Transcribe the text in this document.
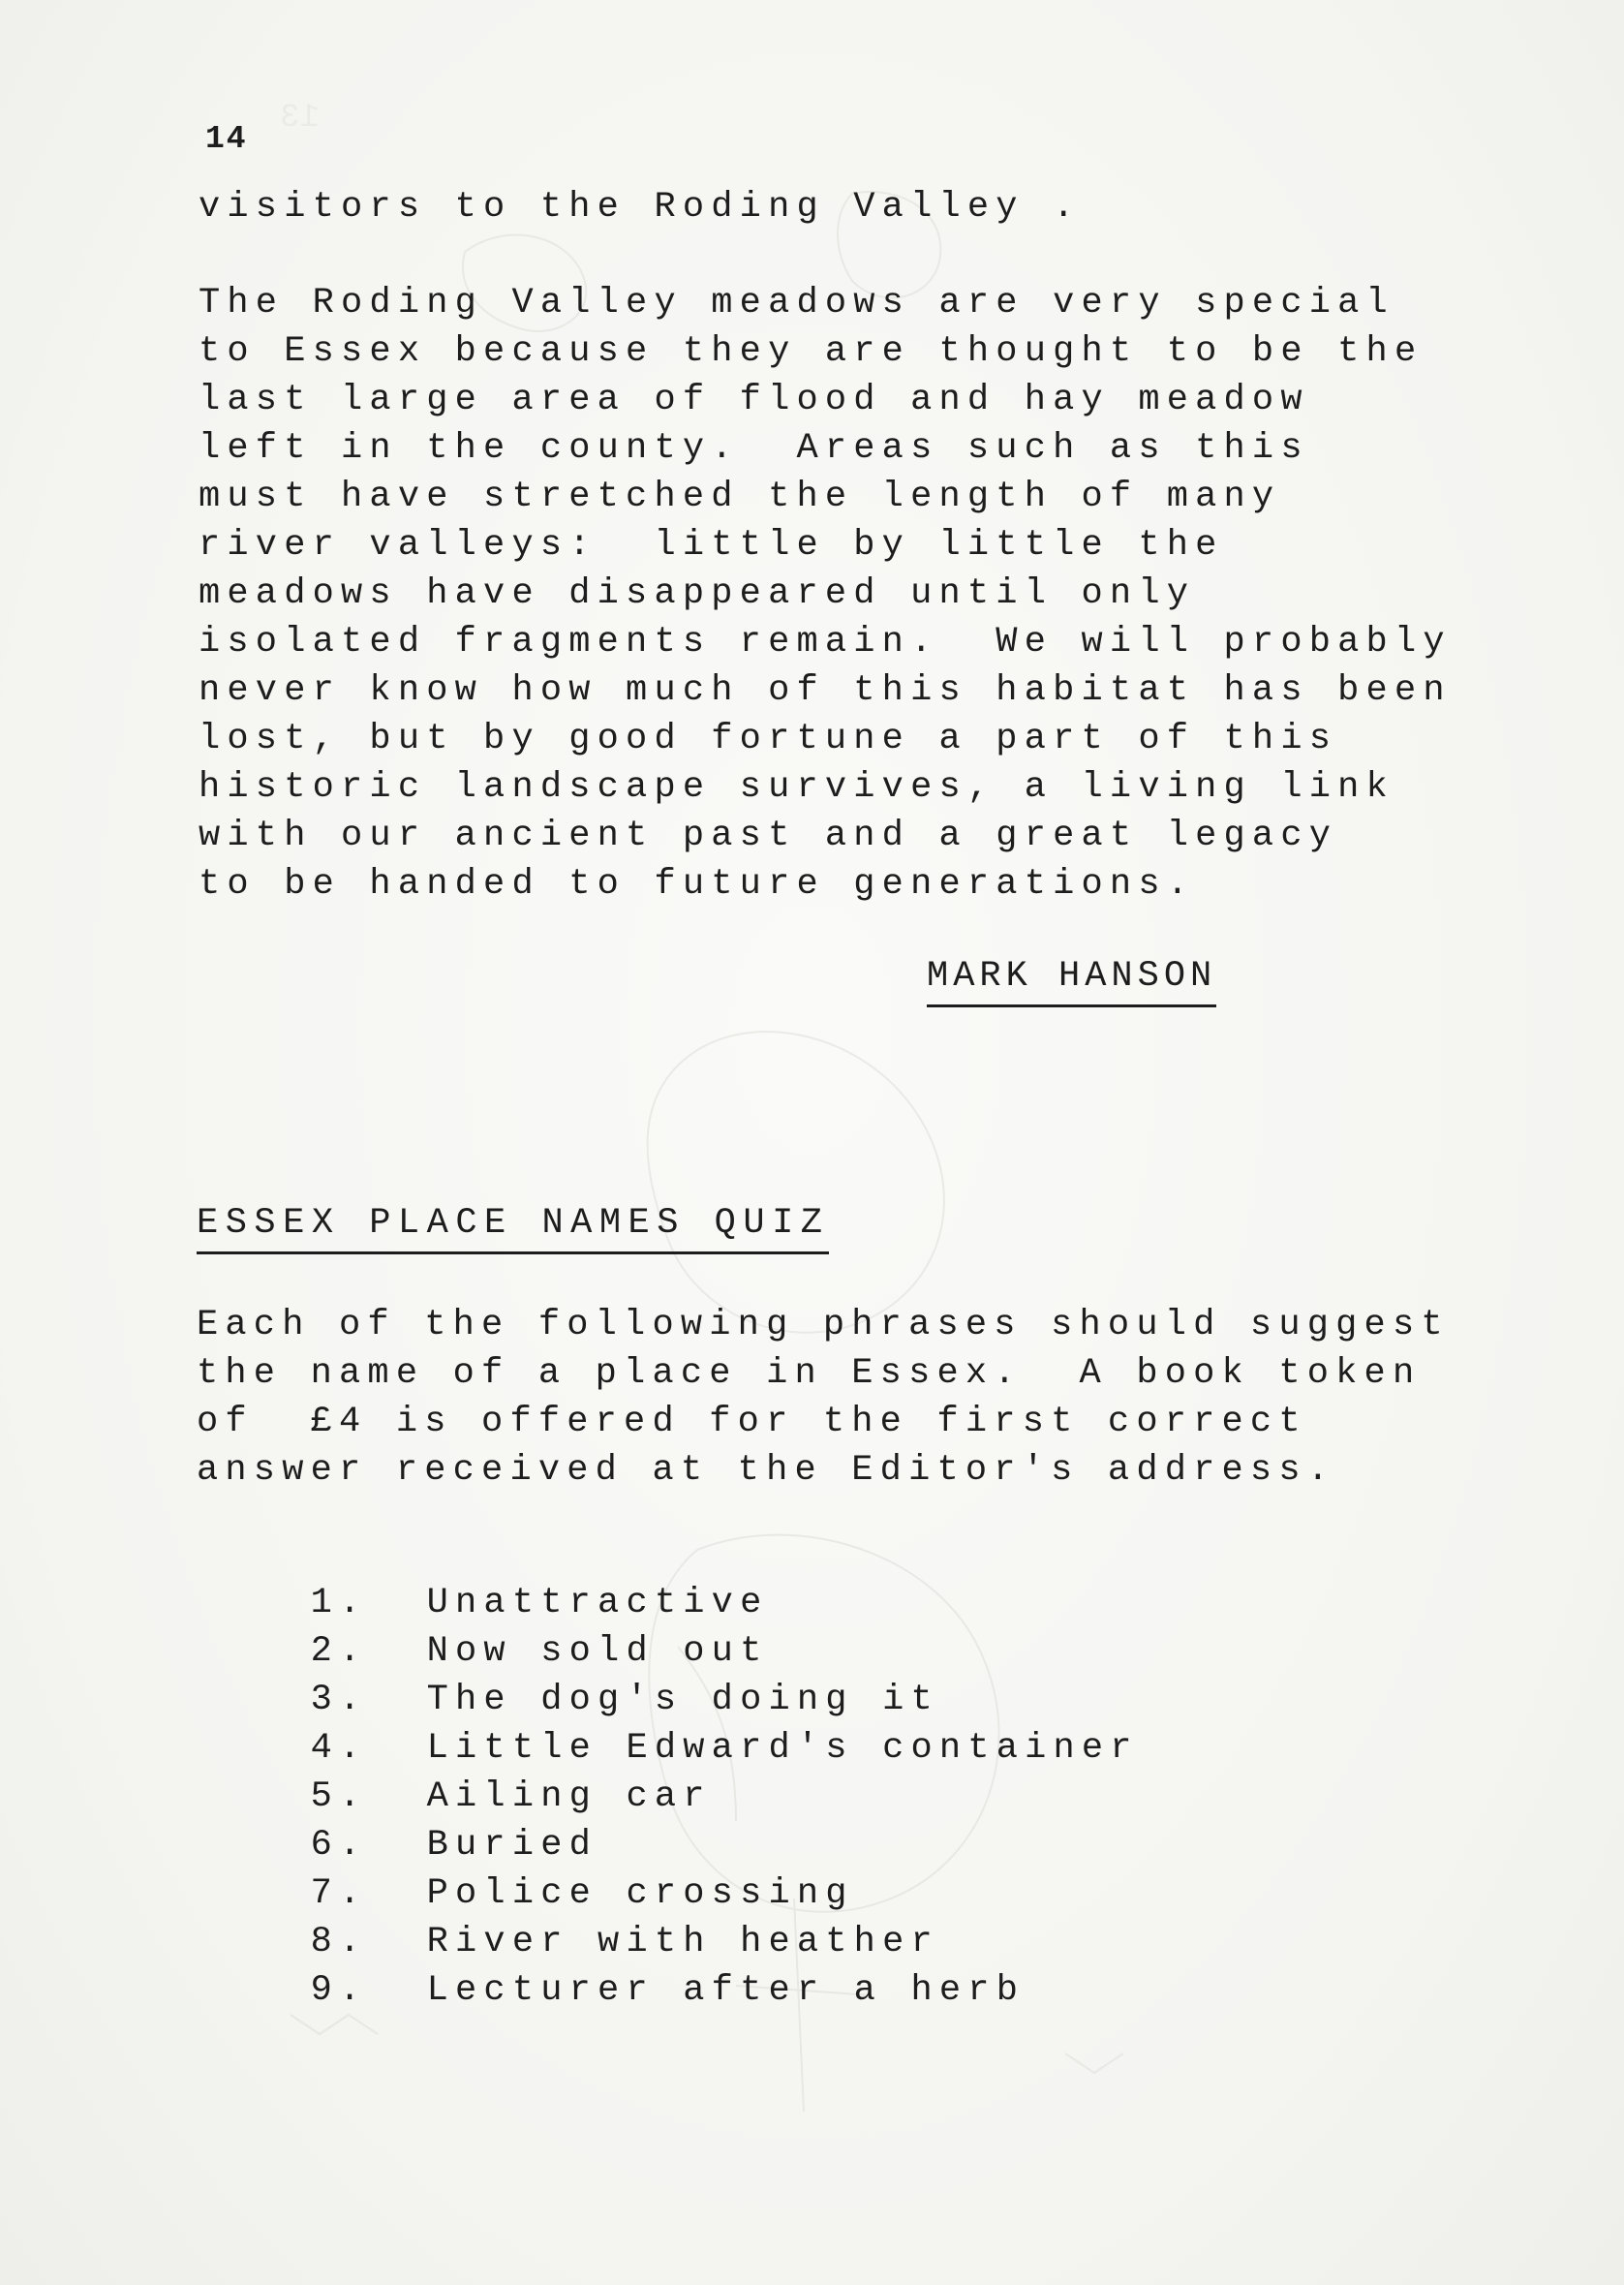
13

14

visitors to the Roding Valley .

The Roding Valley meadows are very special

to Essex because they are thought to be the

last large area of flood and hay meadow

left in the county.  Areas such as this

must have stretched the length of many

river valleys:  little by little the

meadows have disappeared until only

isolated fragments remain.  We will probably

never know how much of this habitat has been

lost, but by good fortune a part of this

historic landscape survives, a living link

with our ancient past and a great legacy

to be handed to future generations.

MARK HANSON

ESSEX PLACE NAMES QUIZ

Each of the following phrases should suggest

the name of a place in Essex.  A book token

of  £4 is offered for the first correct

answer received at the Editor's address.

1. Unattractive

2. Now sold out

3. The dog's doing it

4. Little Edward's container

5. Ailing car

6. Buried

7. Police crossing

8. River with heather

9. Lecturer after a herb
